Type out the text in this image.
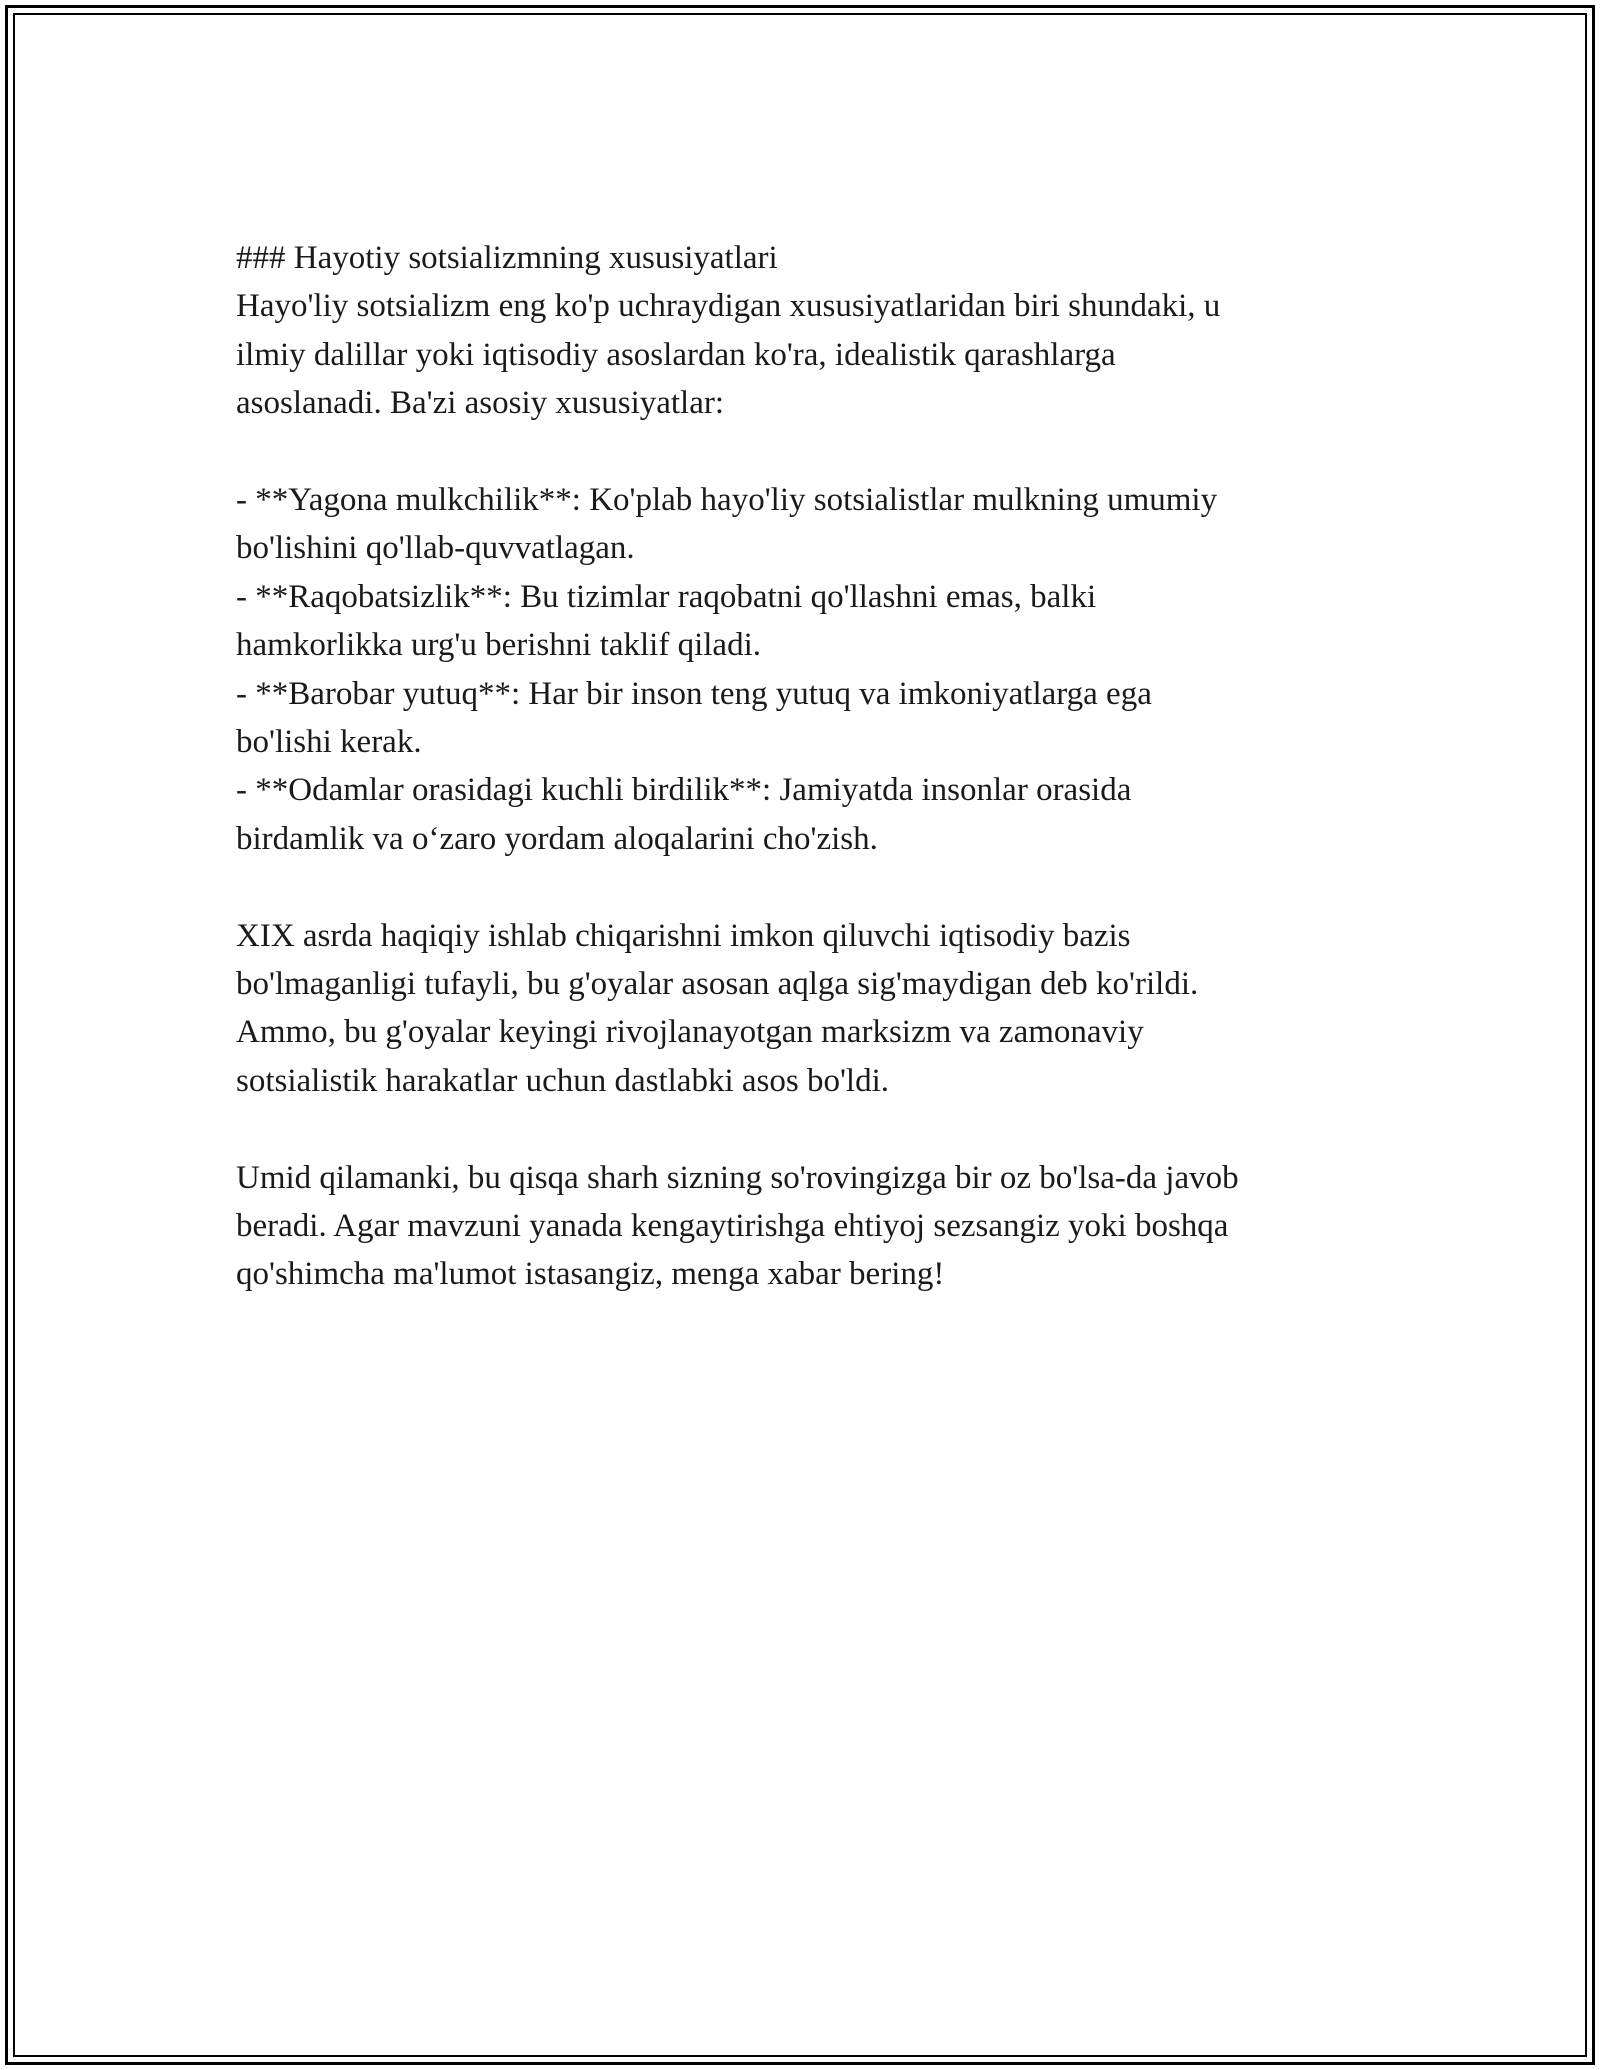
### Hayotiy sotsializmning xususiyatlari

Hayo'liy sotsializm eng ko'p uchraydigan xususiyatlaridan biri shundaki, u
ilmiy dalillar yoki iqtisodiy asoslardan ko'ra, idealistik qarashlarga
asoslanadi. Ba'zi asosiy xususiyatlar:

- **Yagona mulkchilik**: Ko'plab hayo'liy sotsialistlar mulkning umumiy
bo'lishini qo'llab-quvvatlagan.

- **Raqobatsizlik**: Bu tizimlar raqobatni qo'llashni emas, balki
hamkorlikka urg'u berishni taklif qiladi.

- **Barobar yutuq**: Har bir inson teng yutuq va imkoniyatlarga ega
bo'lishi kerak.

- **Odamlar orasidagi kuchli birdilik**: Jamiyatda insonlar orasida
birdamlik va o‘zaro yordam aloqalarini cho'zish.

XIX asrda haqiqiy ishlab chiqarishni imkon qiluvchi iqtisodiy bazis
bo'lmaganligi tufayli, bu g'oyalar asosan aqlga sig'maydigan deb ko'rildi.
Ammo, bu g'oyalar keyingi rivojlanayotgan marksizm va zamonaviy
sotsialistik harakatlar uchun dastlabki asos bo'ldi.

Umid qilamanki, bu qisqa sharh sizning so'rovingizga bir oz bo'lsa-da javob
beradi. Agar mavzuni yanada kengaytirishga ehtiyoj sezsangiz yoki boshqa
qo'shimcha ma'lumot istasangiz, menga xabar bering!
